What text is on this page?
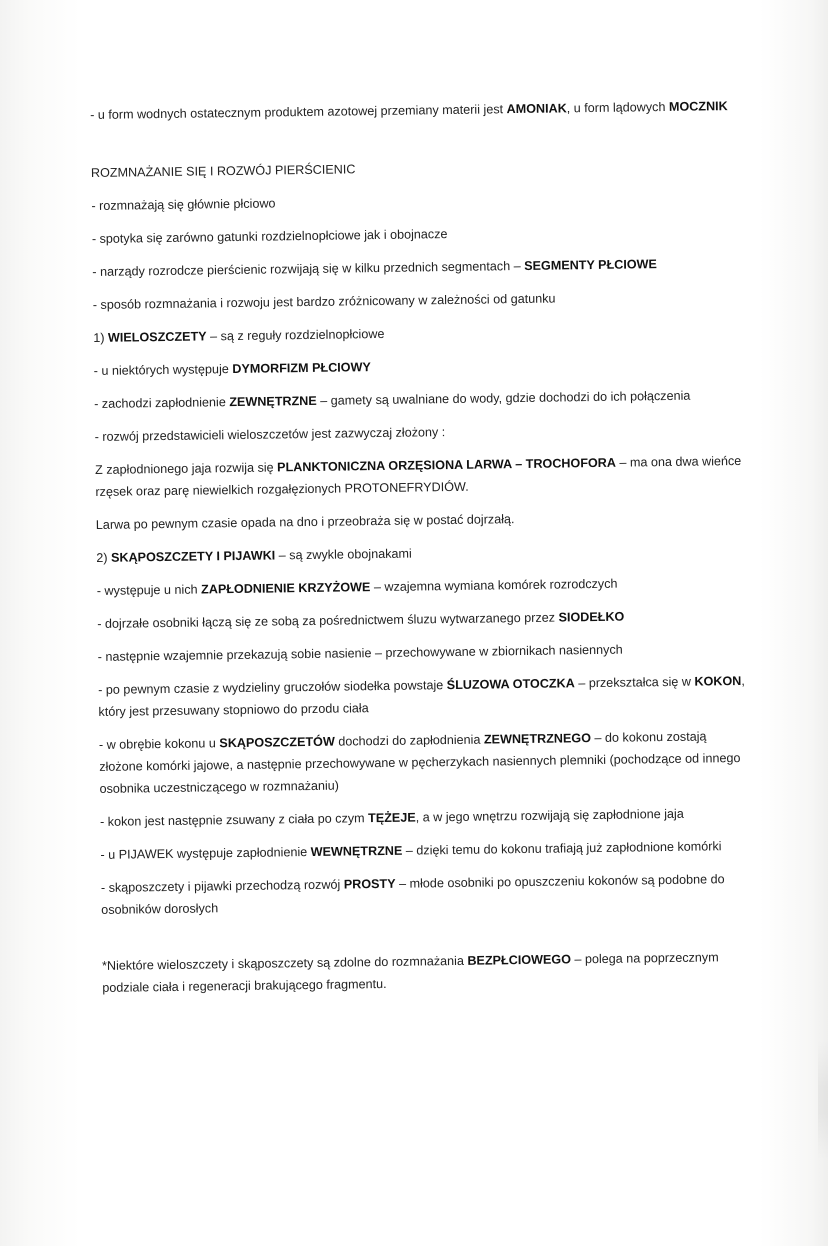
- u form wodnych ostatecznym produktem azotowej przemiany materii jest AMONIAK, u form lądowych MOCZNIK

ROZMNAŻANIE SIĘ I ROZWÓJ PIERŚCIENIC

- rozmnażają się głównie płciowo

- spotyka się zarówno gatunki rozdzielnopłciowe jak i obojnacze

- narządy rozrodcze pierścienic rozwijają się w kilku przednich segmentach – SEGMENTY PŁCIOWE

- sposób rozmnażania i rozwoju jest bardzo zróżnicowany w zależności od gatunku

1) WIELOSZCZETY – są z reguły rozdzielnopłciowe

- u niektórych występuje DYMORFIZM PŁCIOWY

- zachodzi zapłodnienie ZEWNĘTRZNE – gamety są uwalniane do wody, gdzie dochodzi do ich połączenia

- rozwój przedstawicieli wieloszczetów jest zazwyczaj złożony :

Z zapłodnionego jaja rozwija się PLANKTONICZNA ORZĘSIONA LARWA – TROCHOFORA – ma ona dwa wieńce rzęsek oraz parę niewielkich rozgałęzionych PROTONEFRYDIÓW.

Larwa po pewnym czasie opada na dno i przeobraża się w postać dojrzałą.

2) SKĄPOSZCZETY I PIJAWKI – są zwykle obojnakami

- występuje u nich ZAPŁODNIENIE KRZYŻOWE – wzajemna wymiana komórek rozrodczych

- dojrzałe osobniki łączą się ze sobą za pośrednictwem śluzu wytwarzanego przez SIODEŁKO

- następnie wzajemnie przekazują sobie nasienie – przechowywane w zbiornikach nasiennych

- po pewnym czasie z wydzieliny gruczołów siodełka powstaje ŚLUZOWA OTOCZKA – przekształca się w KOKON, który jest przesuwany stopniowo do przodu ciała

- w obrębie kokonu u SKĄPOSZCZETÓW dochodzi do zapłodnienia ZEWNĘTRZNEGO – do kokonu zostają złożone komórki jajowe, a następnie przechowywane w pęcherzykach nasiennych plemniki (pochodzące od innego osobnika uczestniczącego w rozmnażaniu)

- kokon jest następnie zsuwany z ciała po czym TĘŻEJE, a w jego wnętrzu rozwijają się zapłodnione jaja

- u PIJAWEK występuje zapłodnienie WEWNĘTRZNE – dzięki temu do kokonu trafiają już zapłodnione komórki

- skąposzczety i pijawki przechodzą rozwój PROSTY – młode osobniki po opuszczeniu kokonów są podobne do osobników dorosłych

*Niektóre wieloszczety i skąposzczety są zdolne do rozmnażania BEZPŁCIOWEGO – polega na poprzecznym podziale ciała i regeneracji brakującego fragmentu.
